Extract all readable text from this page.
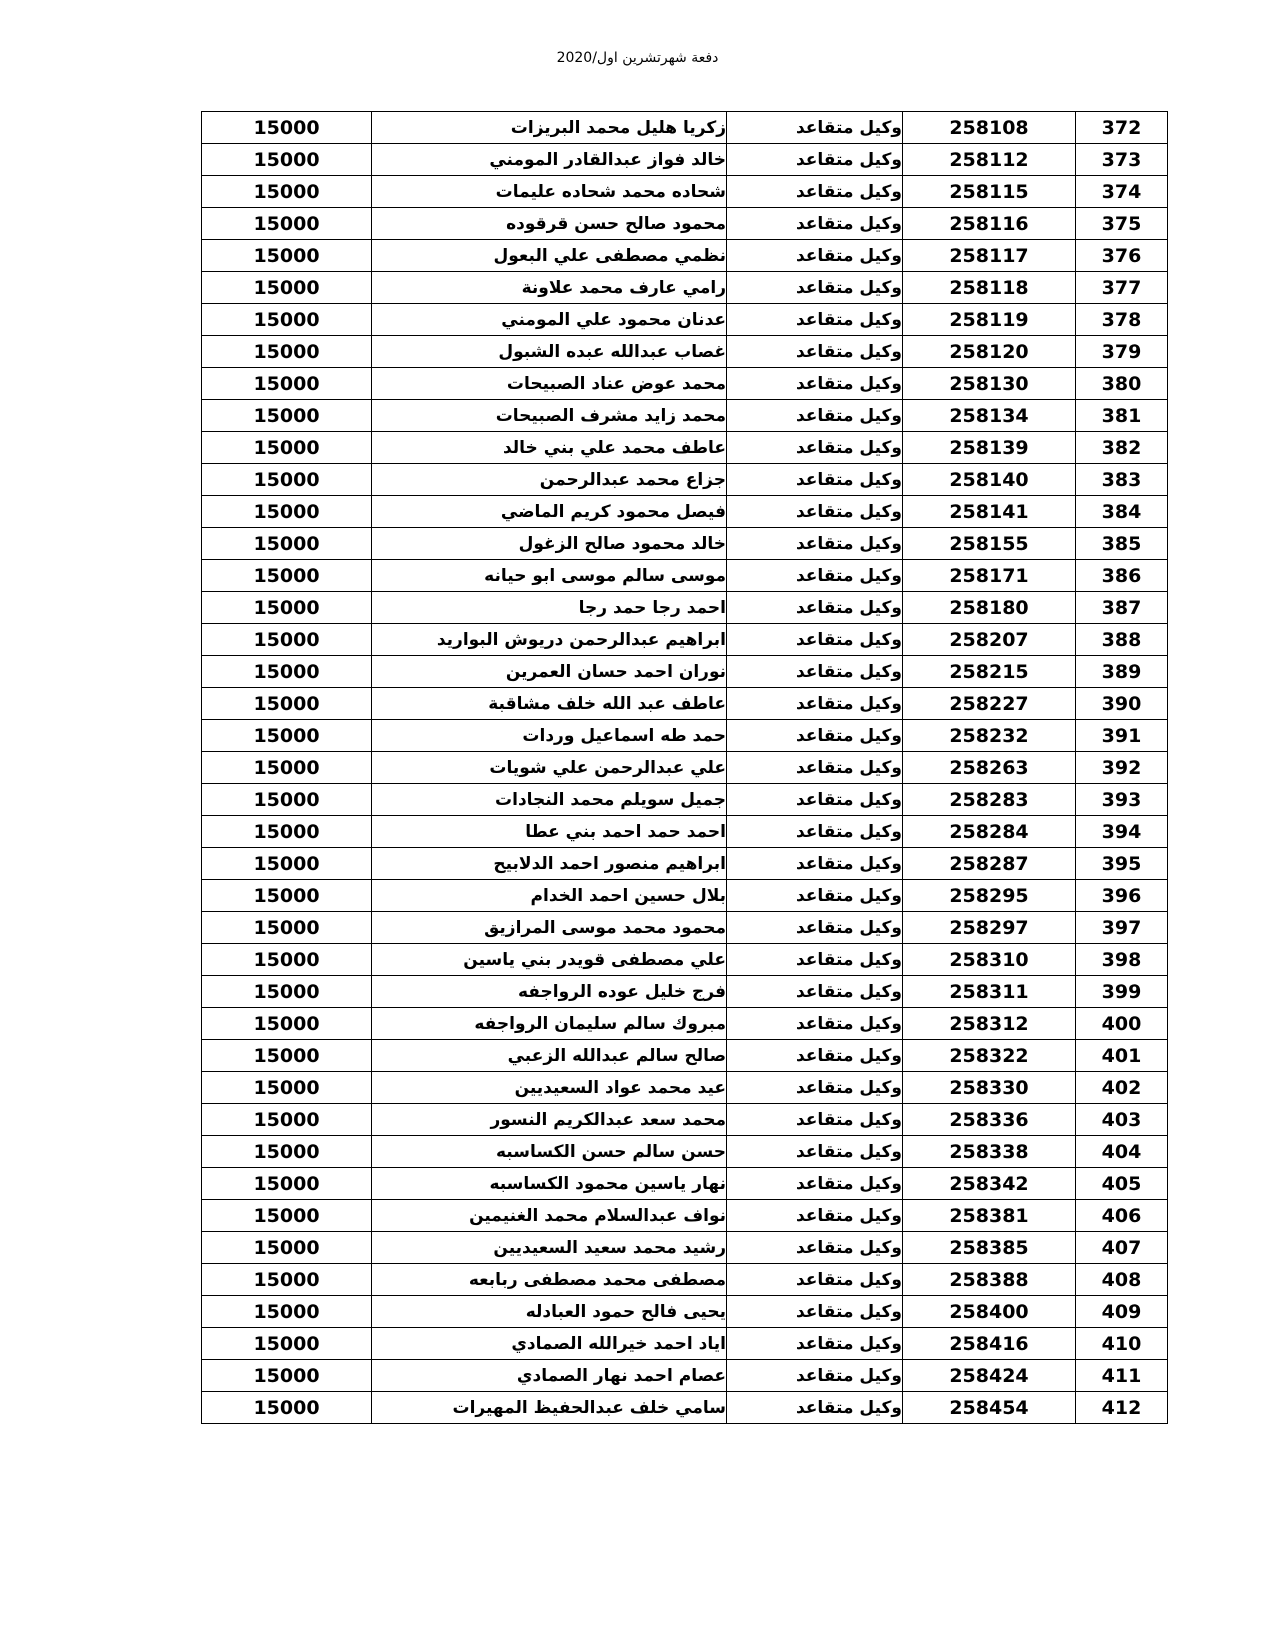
دفعة شهرتشرين اول/2020
15000	زكريا هليل محمد البريزات	وكيل متقاعد	258108	372
15000	خالد فواز عبدالقادر المومني	وكيل متقاعد	258112	373
15000	شحاده محمد شحاده عليمات	وكيل متقاعد	258115	374
15000	محمود صالح حسن قرقوده	وكيل متقاعد	258116	375
15000	نظمي مصطفى علي البعول	وكيل متقاعد	258117	376
15000	رامي عارف محمد علاونة	وكيل متقاعد	258118	377
15000	عدنان محمود علي المومني	وكيل متقاعد	258119	378
15000	غصاب عبدالله عبده الشبول	وكيل متقاعد	258120	379
15000	محمد عوض عناد الصبيحات	وكيل متقاعد	258130	380
15000	محمد زايد مشرف الصبيحات	وكيل متقاعد	258134	381
15000	عاطف محمد علي بني خالد	وكيل متقاعد	258139	382
15000	جزاع محمد عبدالرحمن	وكيل متقاعد	258140	383
15000	فيصل محمود كريم الماضي	وكيل متقاعد	258141	384
15000	خالد محمود صالح الزغول	وكيل متقاعد	258155	385
15000	موسى سالم موسى ابو حيانه	وكيل متقاعد	258171	386
15000	احمد رجا حمد رجا	وكيل متقاعد	258180	387
15000	ابراهيم عبدالرحمن دريوش البواريد	وكيل متقاعد	258207	388
15000	نوران احمد حسان العمرين	وكيل متقاعد	258215	389
15000	عاطف عبد الله خلف مشاقبة	وكيل متقاعد	258227	390
15000	حمد طه اسماعيل وردات	وكيل متقاعد	258232	391
15000	علي عبدالرحمن علي شويات	وكيل متقاعد	258263	392
15000	جميل سويلم محمد النجادات	وكيل متقاعد	258283	393
15000	احمد حمد احمد بني عطا	وكيل متقاعد	258284	394
15000	ابراهيم منصور احمد الدلابيح	وكيل متقاعد	258287	395
15000	بلال حسين احمد الخدام	وكيل متقاعد	258295	396
15000	محمود محمد موسى المرازيق	وكيل متقاعد	258297	397
15000	علي مصطفى قويدر بني ياسين	وكيل متقاعد	258310	398
15000	فرج خليل عوده الرواجفه	وكيل متقاعد	258311	399
15000	مبروك سالم سليمان الرواجفه	وكيل متقاعد	258312	400
15000	صالح سالم عبدالله الزعبي	وكيل متقاعد	258322	401
15000	عيد محمد عواد السعيديين	وكيل متقاعد	258330	402
15000	محمد سعد عبدالكريم النسور	وكيل متقاعد	258336	403
15000	حسن سالم حسن الكساسبه	وكيل متقاعد	258338	404
15000	نهار ياسين محمود الكساسبه	وكيل متقاعد	258342	405
15000	نواف عبدالسلام محمد الغنيمين	وكيل متقاعد	258381	406
15000	رشيد محمد سعيد السعيديين	وكيل متقاعد	258385	407
15000	مصطفى محمد مصطفى ربابعه	وكيل متقاعد	258388	408
15000	يحيى فالح حمود العبادله	وكيل متقاعد	258400	409
15000	اياد احمد خيرالله الصمادي	وكيل متقاعد	258416	410
15000	عصام احمد نهار الصمادي	وكيل متقاعد	258424	411
15000	سامي خلف عبدالحفيظ المهيرات	وكيل متقاعد	258454	412
